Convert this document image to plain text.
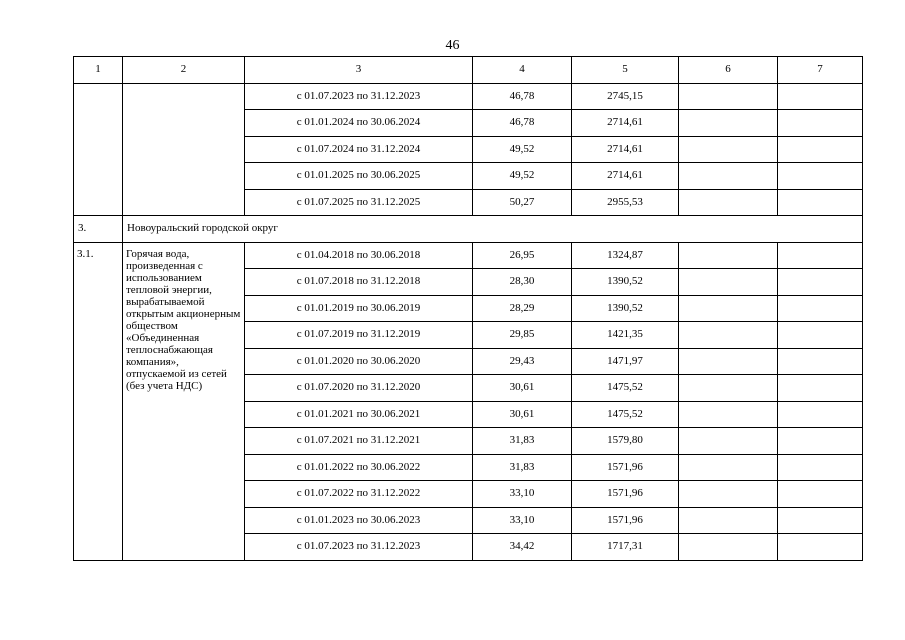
46
1	2	3	4	5	6	7
		с 01.07.2023 по 31.12.2023	46,78	2745,15		
		с 01.01.2024 по 30.06.2024	46,78	2714,61		
		с 01.07.2024 по 31.12.2024	49,52	2714,61		
		с 01.01.2025 по 30.06.2025	49,52	2714,61		
		с 01.07.2025 по 31.12.2025	50,27	2955,53		
3.	Новоуральский городской округ					
3.1.	Горячая вода, произведенная с использованием тепловой энергии, вырабатываемой открытым акционерным обществом «Объединенная теплоснабжающая компания», отпускаемой из сетей (без учета НДС)	с 01.04.2018 по 30.06.2018	26,95	1324,87		
		с 01.07.2018 по 31.12.2018	28,30	1390,52		
		с 01.01.2019 по 30.06.2019	28,29	1390,52		
		с 01.07.2019 по 31.12.2019	29,85	1421,35		
		с 01.01.2020 по 30.06.2020	29,43	1471,97		
		с 01.07.2020 по 31.12.2020	30,61	1475,52		
		с 01.01.2021 по 30.06.2021	30,61	1475,52		
		с 01.07.2021 по 31.12.2021	31,83	1579,80		
		с 01.01.2022 по 30.06.2022	31,83	1571,96		
		с 01.07.2022 по 31.12.2022	33,10	1571,96		
		с 01.01.2023 по 30.06.2023	33,10	1571,96		
		с 01.07.2023 по 31.12.2023	34,42	1717,31		
